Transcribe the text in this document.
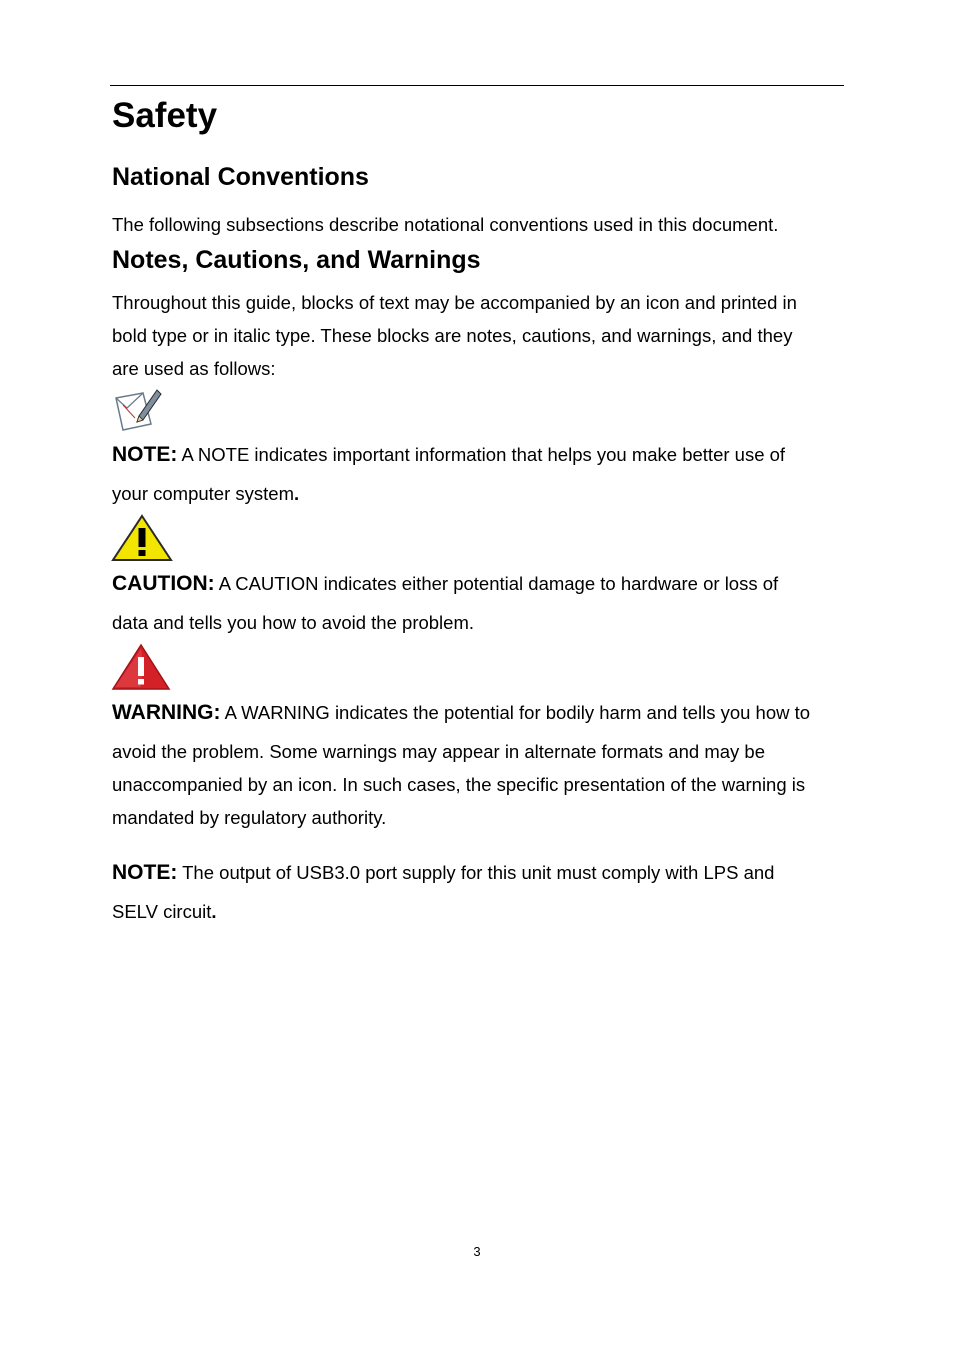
Safety
National Conventions
The following subsections describe notational conventions used in this document.
Notes, Cautions, and Warnings
Throughout this guide, blocks of text may be accompanied by an icon and printed in
bold type or in italic type. These blocks are notes, cautions, and warnings, and they
are used as follows:
NOTE: A NOTE indicates important information that helps you make better use of
your computer system.
CAUTION: A CAUTION indicates either potential damage to hardware or loss of
data and tells you how to avoid the problem.
WARNING: A WARNING indicates the potential for bodily harm and tells you how to
avoid the problem. Some warnings may appear in alternate formats and may be
unaccompanied by an icon. In such cases, the specific presentation of the warning is
mandated by regulatory authority.
NOTE: The output of USB3.0 port supply for this unit must comply with LPS and
SELV circuit.
3
